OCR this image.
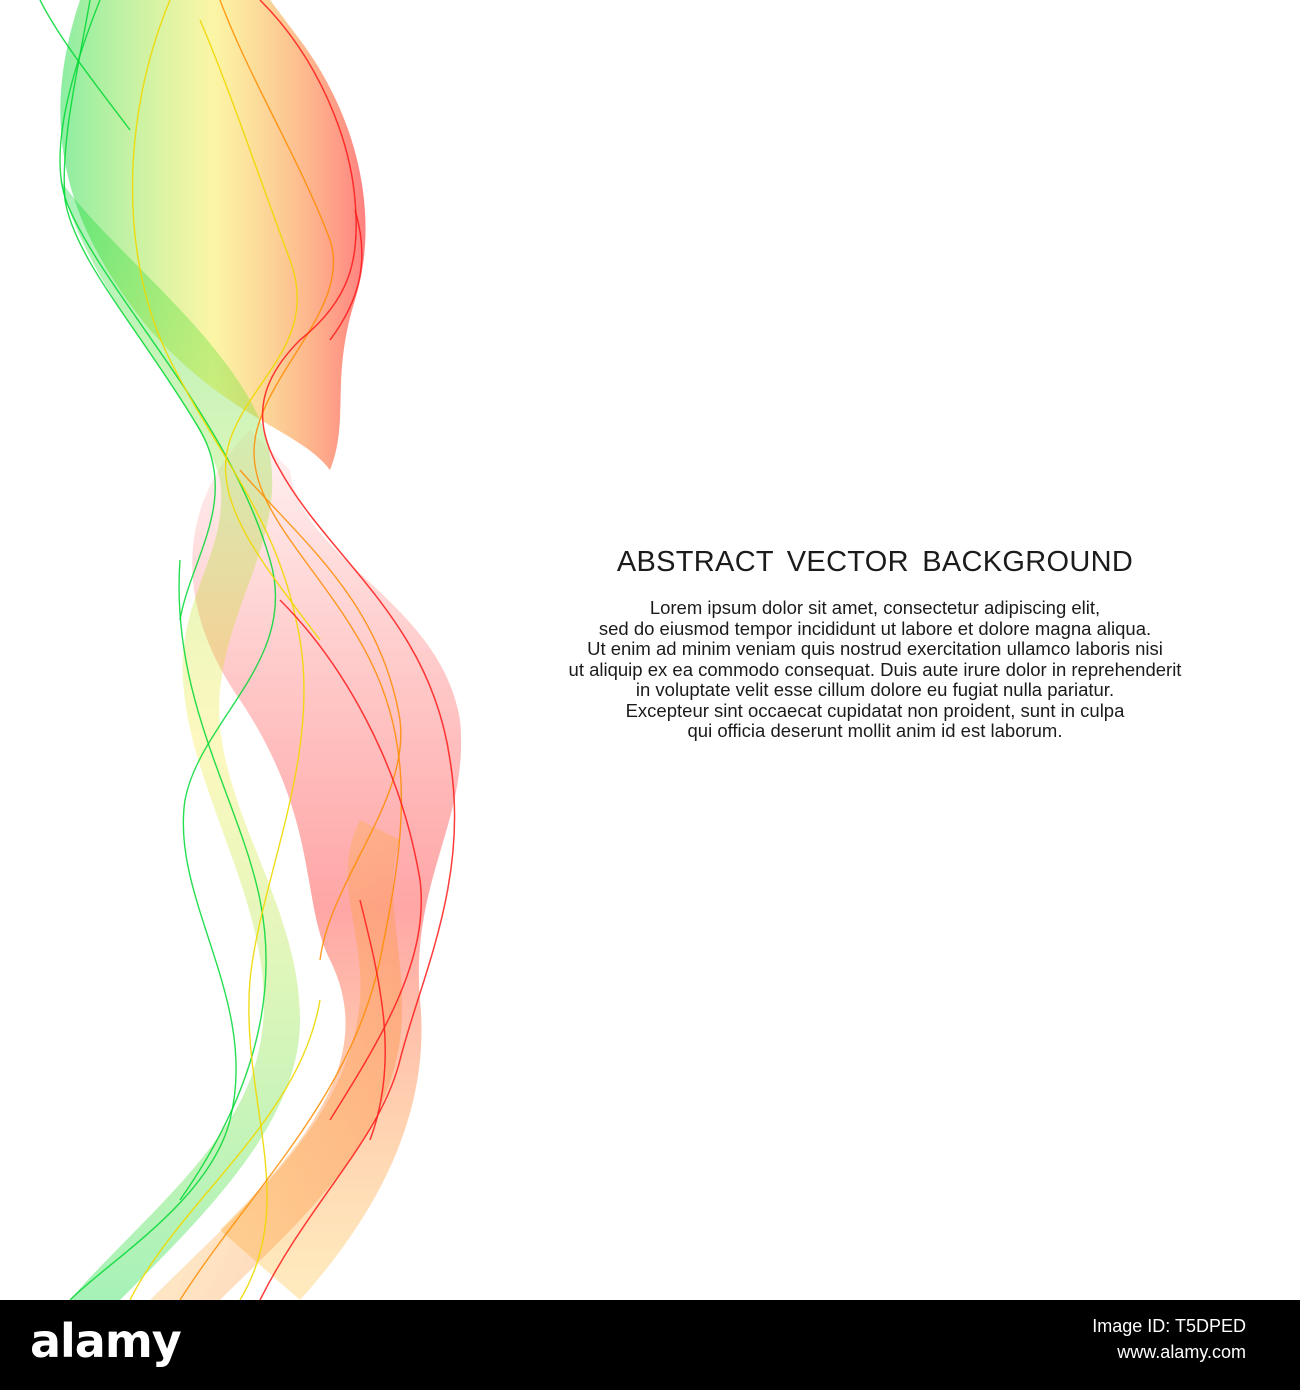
ABSTRACT VECTOR BACKGROUND
Lorem ipsum dolor sit amet, consectetur adipiscing elit,
sed do eiusmod tempor incididunt ut labore et dolore magna aliqua.
Ut enim ad minim veniam quis nostrud exercitation ullamco laboris nisi
ut aliquip ex ea commodo consequat. Duis aute irure dolor in reprehenderit
in voluptate velit esse cillum dolore eu fugiat nulla pariatur.
Excepteur sint occaecat cupidatat non proident, sunt in culpa
qui officia deserunt mollit anim id est laborum.
alamy	Image ID: T5DPED
www.alamy.com
